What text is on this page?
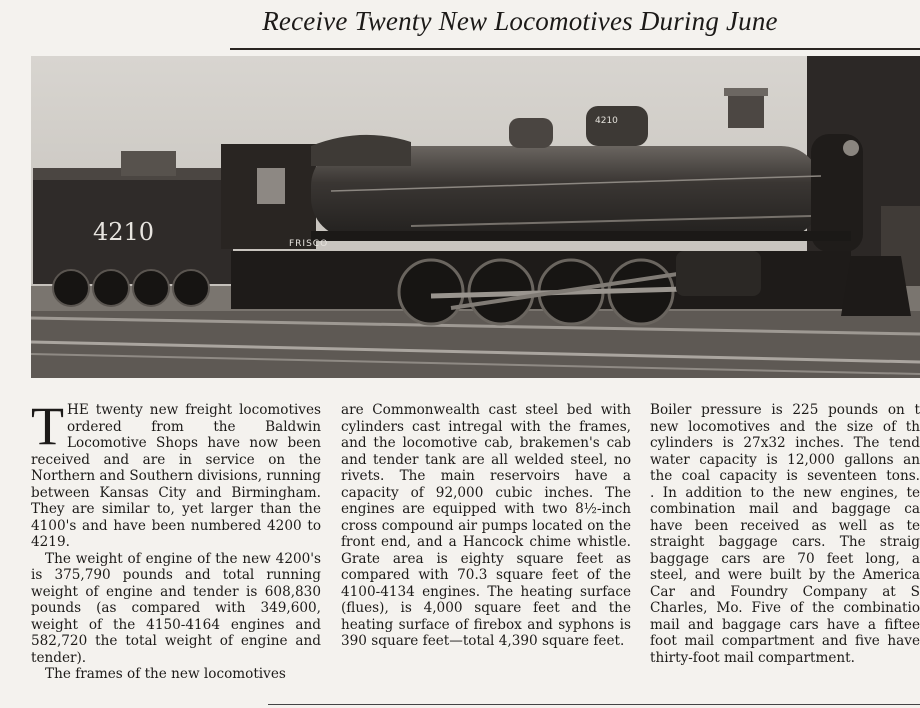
Receive Twenty New Locomotives During June
4210	FRISCO
4210

THE twenty new freight locomotives ordered from the Baldwin Locomotive Shops have now been received and are in service on the Northern and Southern divisions, running between Kansas City and Birmingham. They are similar to, yet larger than the 4100's and have been numbered 4200 to 4219.

The weight of engine of the new 4200's is 375,790 pounds and total running weight of engine and tender is 608,830 pounds (as compared with 349,600, weight of the 4150-4164 engines and 582,720 the total weight of engine and tender).

The frames of the new locomotives

are Commonwealth cast steel bed with cylinders cast intregal with the frames, and the locomotive cab, brakemen's cab and tender tank are all welded steel, no rivets. The main reservoirs have a capacity of 92,000 cubic inches. The engines are equipped with two 8½-inch cross compound air pumps located on the front end, and a Hancock chime whistle. Grate area is eighty square feet as compared with 70.3 square feet of the 4100-4134 engines. The heating surface (flues), is 4,000 square feet and the heating surface of firebox and syphons is 390 square feet—total 4,390 square feet.

Boiler pressure is 225 pounds on t
new locomotives and the size of th
cylinders is 27x32 inches. The tend
water capacity is 12,000 gallons an
the coal capacity is seventeen tons.
. In addition to the new engines, te
combination mail and baggage ca
have been received as well as te
straight baggage cars. The straig
baggage cars are 70 feet long, a
steel, and were built by the America
Car and Foundry Company at S
Charles, Mo. Five of the combinatio
mail and baggage cars have a fiftee
foot mail compartment and five have
thirty-foot mail compartment.
